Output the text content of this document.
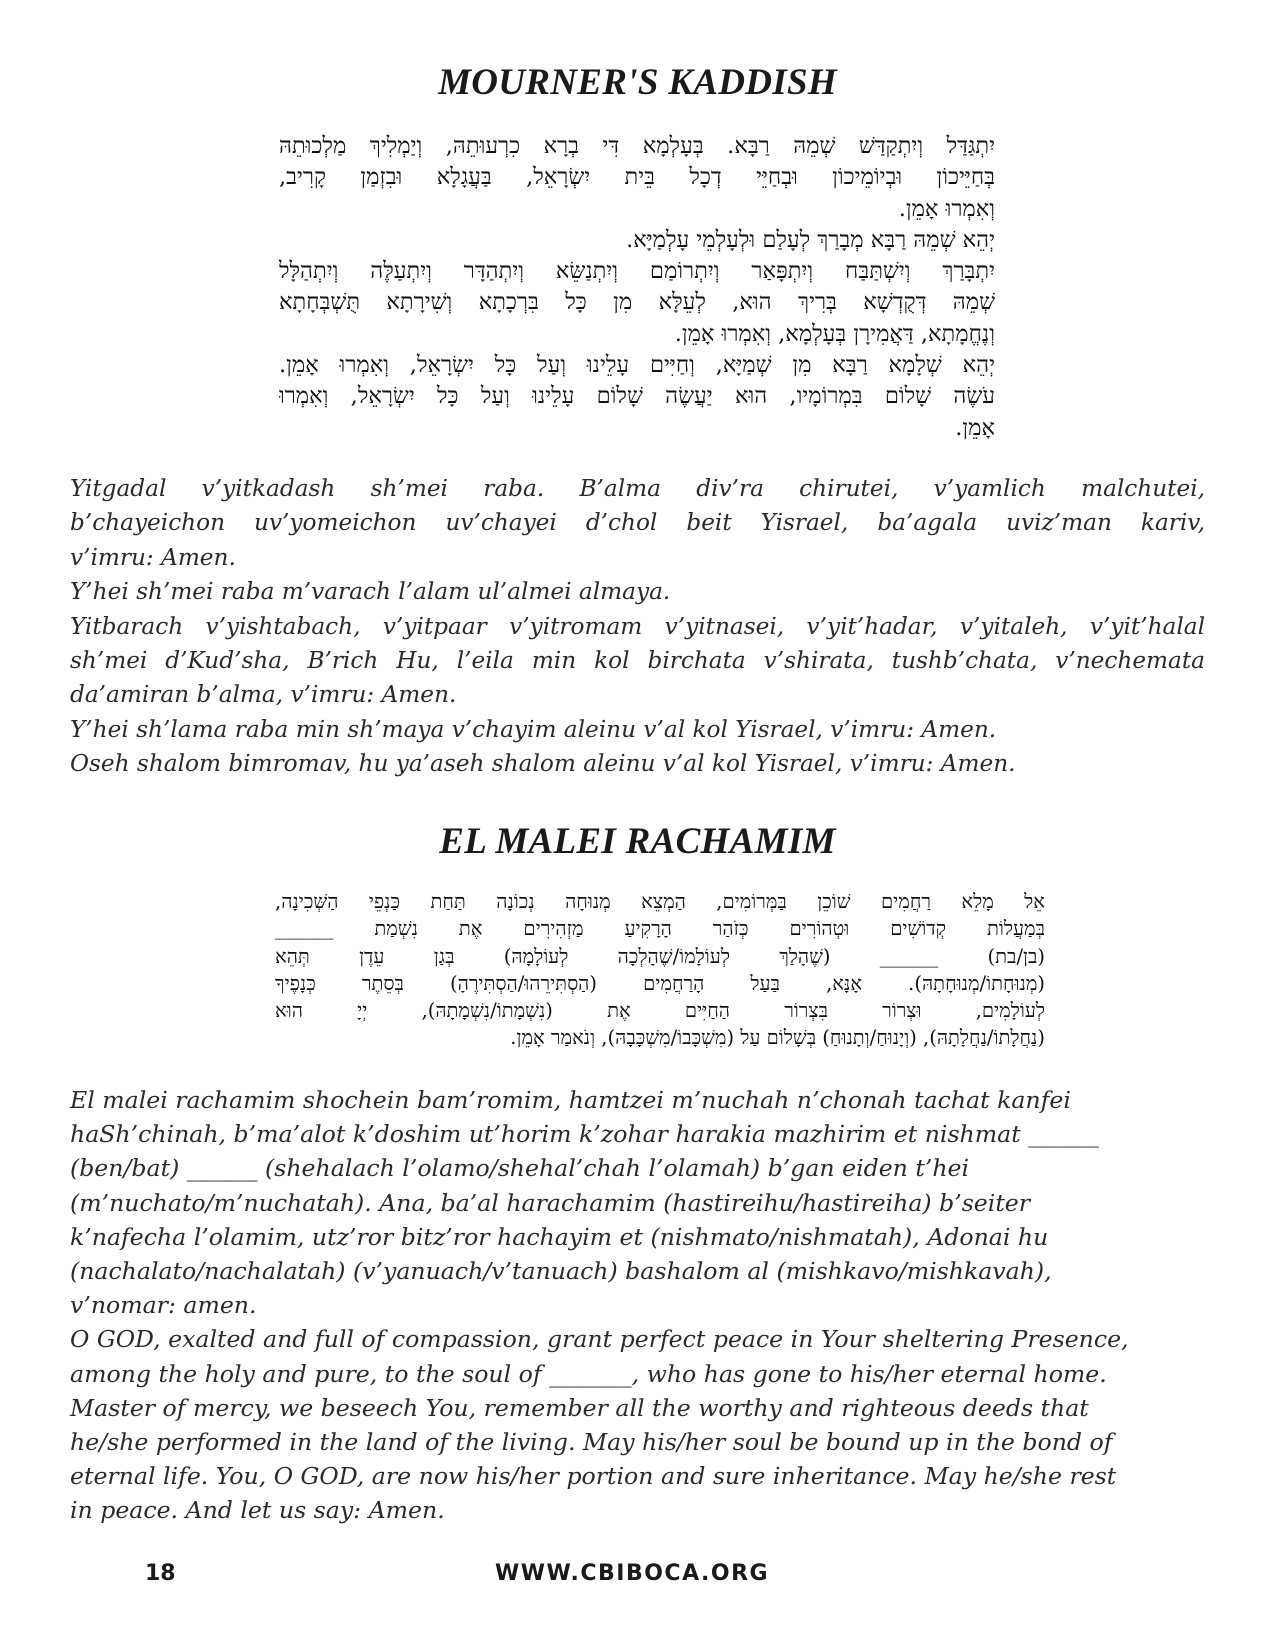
MOURNER'S KADDISH
יִתְגַּדַּל וְיִתְקַדַּשׁ שְׁמֵהּ רַבָּא. בְּעָלְמָא דִּי בְרָא כִרְעוּתֵהּ, וְיַמְלִיךְ מַלְכוּתֵהּ
בְּחַיֵּיכוֹן וּבְיוֹמֵיכוֹן וּבְחַיֵּי דְכָל בֵּית יִשְׂרָאֵל, בַּעֲגָלָא וּבִזְמַן קָרִיב,
וְאִמְרוּ אָמֵן.
יְהֵא שְׁמֵהּ רַבָּא מְבָרַךְ לְעָלַם וּלְעָלְמֵי עָלְמַיָּא.
יִתְבָּרַךְ וְיִשְׁתַּבַּח וְיִתְפָּאַר וְיִתְרוֹמַם וְיִתְנַשֵּׂא וְיִתְהַדָּר וְיִתְעַלֶּה וְיִתְהַלָּל
שְׁמֵהּ דְּקֻדְשָׁא בְּרִיךְ הוּא, לְעֵלָּא מִן כָּל בִּרְכָתָא וְשִׁירָתָא תֻּשְׁבְּחָתָא
וְנֶחֱמָתָא, דַּאֲמִירָן בְּעָלְמָא, וְאִמְרוּ אָמֵן.
יְהֵא שְׁלָמָא רַבָּא מִן שְׁמַיָּא, וְחַיִּים עָלֵינוּ וְעַל כָּל יִשְׂרָאֵל, וְאִמְרוּ אָמֵן.
עֹשֶׂה שָׁלוֹם בִּמְרוֹמָיו, הוּא יַעֲשֶׂה שָׁלוֹם עָלֵינוּ וְעַל כָּל יִשְׂרָאֵל, וְאִמְרוּ
אָמֵן.
Yitgadal v’yitkadash sh’mei raba. B’alma div’ra chirutei, v’yamlich malchutei,
b’chayeichon uv’yomeichon uv’chayei d’chol beit Yisrael, ba’agala uviz’man kariv,
v’imru: Amen.
Y’hei sh’mei raba m’varach l’alam ul’almei almaya.
Yitbarach v’yishtabach, v’yitpaar v’yitromam v’yitnasei, v’yit’hadar, v’yitaleh, v’yit’halal
sh’mei d’Kud’sha, B’rich Hu, l’eila min kol birchata v’shirata, tushb’chata, v’nechemata
da’amiran b’alma, v’imru: Amen.
Y’hei sh’lama raba min sh’maya v’chayim aleinu v’al kol Yisrael, v’imru: Amen.
Oseh shalom bimromav, hu ya’aseh shalom aleinu v’al kol Yisrael, v’imru: Amen.
EL MALEI RACHAMIM
אֵל מָלֵא רַחֲמִים שׁוֹכֵן בַּמְּרוֹמִים, הַמְצֵא מְנוּחָה נְכוֹנָה תַּחַת כַּנְפֵי הַשְּׁכִינָה,
בְּמַעֲלוֹת קְדוֹשִׁים וּטְהוֹרִים כְּזֹהַר הָרָקִיעַ מַזְהִירִים אֶת נִשְׁמַת ______
(בן/בת) ______ (שֶׁהָלַךְ לְעוֹלָמוֹ/שֶׁהָלְכָה לְעוֹלָמָהּ) בְּגַן עֵדֶן תְּהֵא
(מְנוּחָתוֹ/מְנוּחָתָהּ). אָנָּא, בַּעַל הָרַחֲמִים (הַסְתִּירֵהוּ/הַסְתִּירֶהָ) בְּסֵתֶר כְּנָפֶיךָ
לְעוֹלָמִים, וּצְרוֹר בִּצְרוֹר הַחַיִּים אֶת (נִשְׁמָתוֹ/נִשְׁמָתָהּ), יְיָ הוּא
(נַחֲלָתוֹ/נַחֲלָתָהּ), (וְיָנוּחַ/וְתָנוּחַ) בְּשָׁלוֹם עַל (מִשְׁכָּבוֹ/מִשְׁכָּבָהּ), וְנֹאמַר אָמֵן.
El malei rachamim shochein bam’romim, hamtzei m’nuchah n’chonah tachat kanfei
haSh’chinah, b’ma’alot k’doshim ut’horim k’zohar harakia mazhirim et nishmat ______
(ben/bat) ______ (shehalach l’olamo/shehal’chah l’olamah) b’gan eiden t’hei
(m’nuchato/m’nuchatah). Ana, ba’al harachamim (hastireihu/hastireiha) b’seiter
k’nafecha l’olamim, utz’ror bitz’ror hachayim et (nishmato/nishmatah), Adonai hu
(nachalato/nachalatah) (v’yanuach/v’tanuach) bashalom al (mishkavo/mishkavah),
v’nomar: amen.
O GOD, exalted and full of compassion, grant perfect peace in Your sheltering Presence,
among the holy and pure, to the soul of _______, who has gone to his/her eternal home.
Master of mercy, we beseech You, remember all the worthy and righteous deeds that
he/she performed in the land of the living. May his/her soul be bound up in the bond of
eternal life. You, O GOD, are now his/her portion and sure inheritance. May he/she rest
in peace. And let us say: Amen.
18	WWW.CBIBOCA.ORG
